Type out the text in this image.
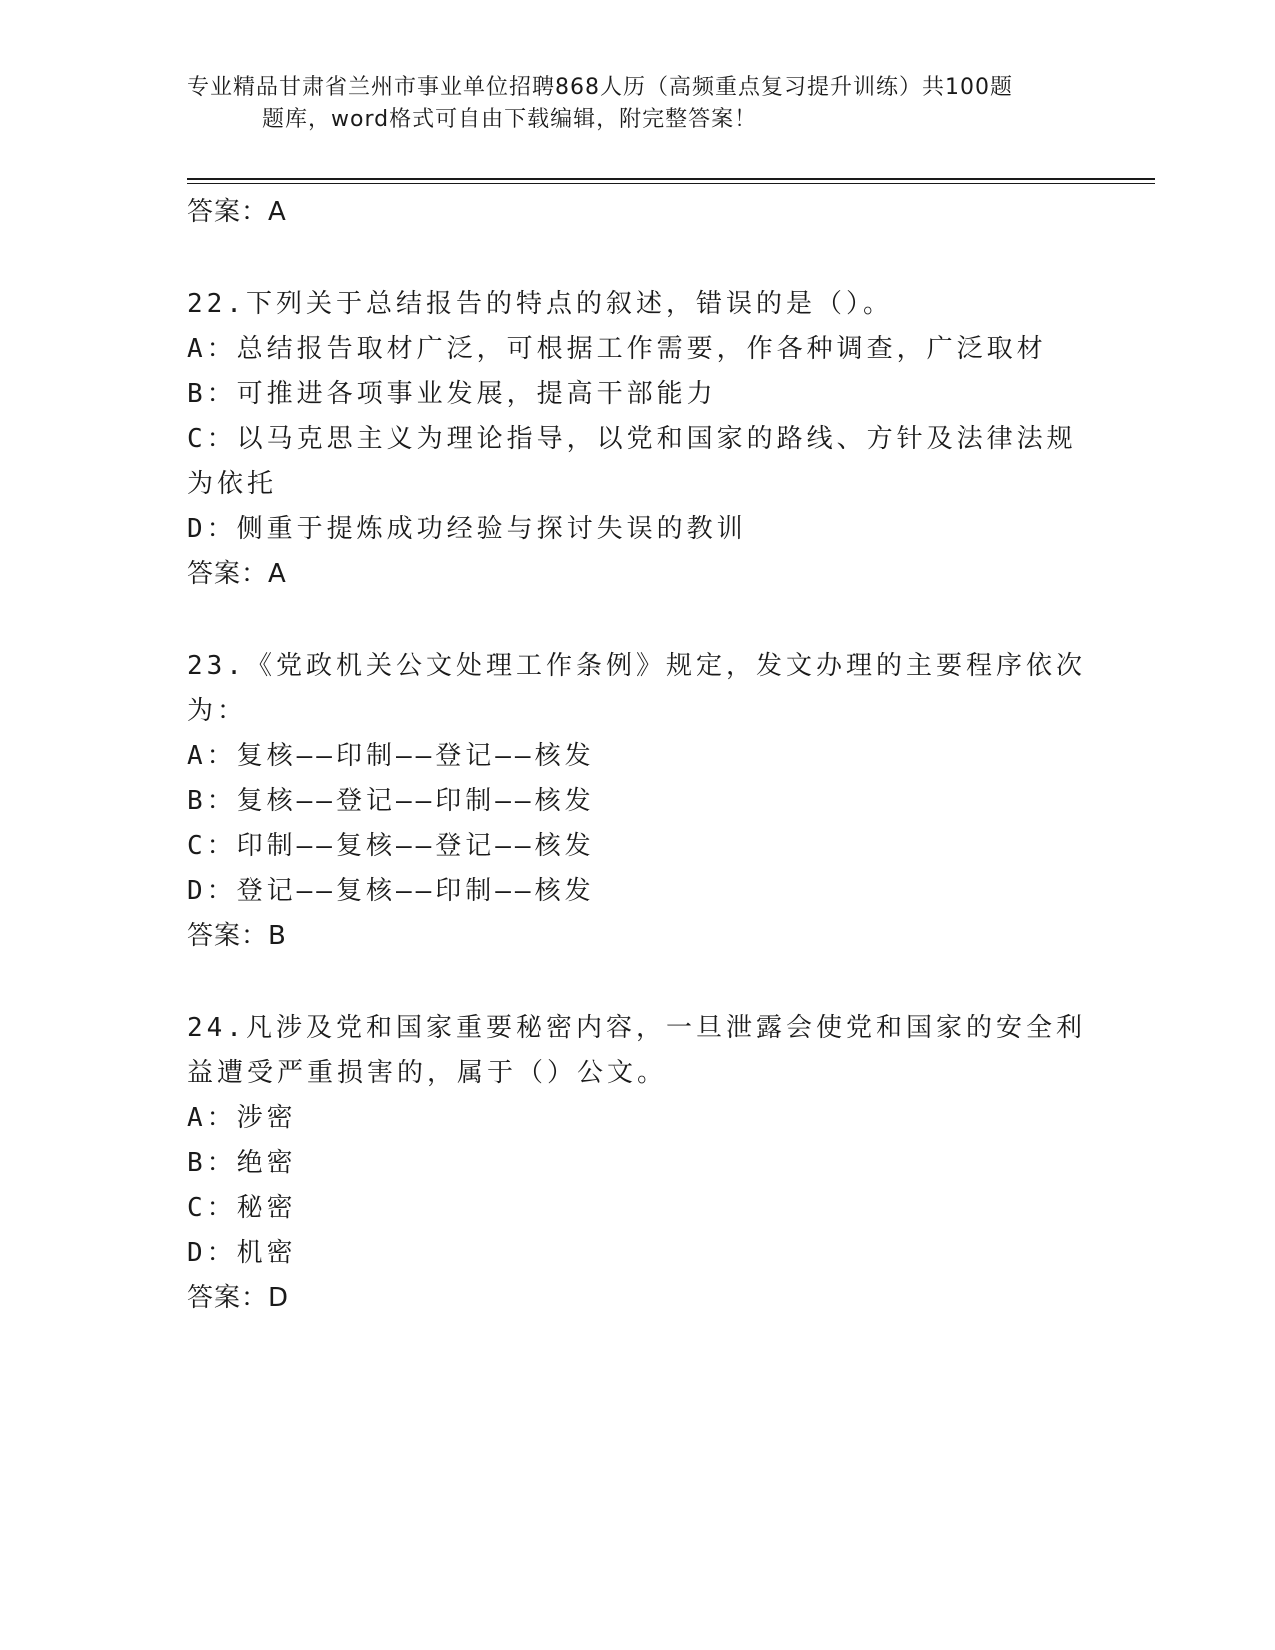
专业精品甘肃省兰州市事业单位招聘868人历（高频重点复习提升训练）共100题
题库，word格式可自由下载编辑，附完整答案！
答案：A
22.下列关于总结报告的特点的叙述，错误的是（）。
A：总结报告取材广泛，可根据工作需要，作各种调查，广泛取材
B：可推进各项事业发展，提高干部能力
C：以马克思主义为理论指导，以党和国家的路线、方针及法律法规为依托
D：侧重于提炼成功经验与探讨失误的教训
答案：A
23.《党政机关公文处理工作条例》规定，发文办理的主要程序依次为：
A：复核——印制——登记——核发
B：复核——登记——印制——核发
C：印制——复核——登记——核发
D：登记——复核——印制——核发
答案：B
24.凡涉及党和国家重要秘密内容，一旦泄露会使党和国家的安全利益遭受严重损害的，属于（）公文。
A：涉密
B：绝密
C：秘密
D：机密
答案：D
